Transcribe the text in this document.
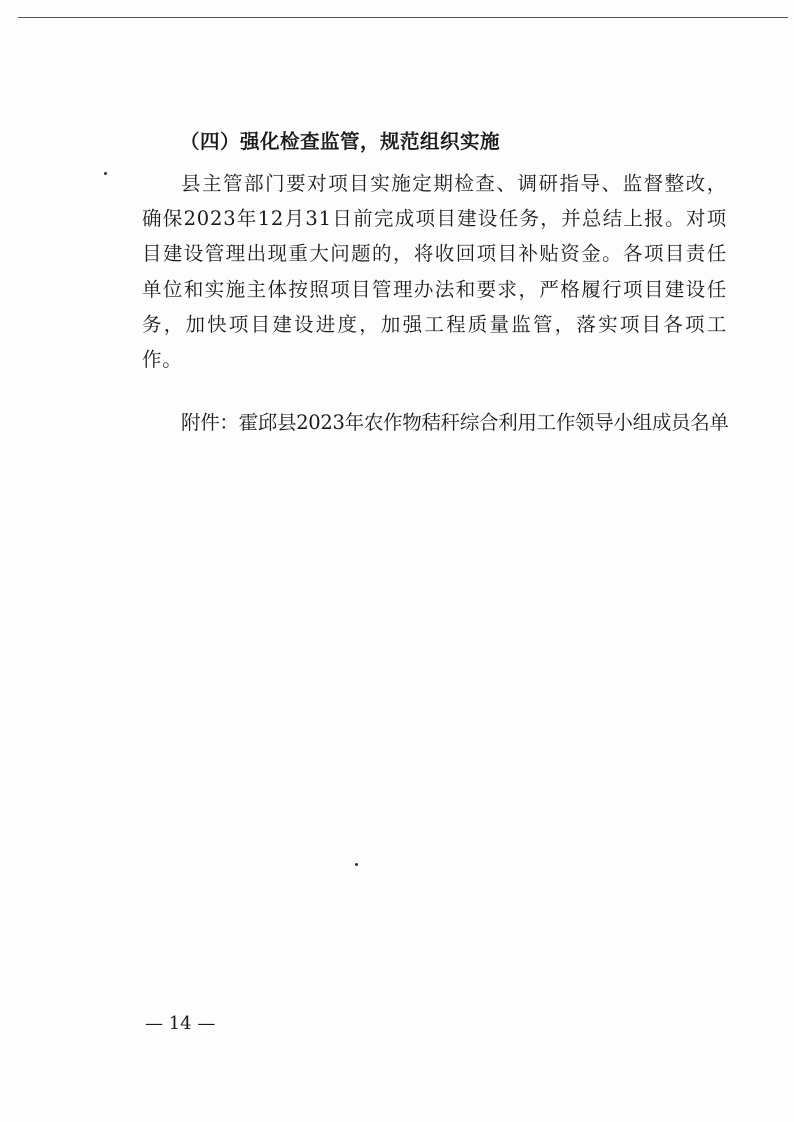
（四）强化检查监管，规范组织实施

县主管部门要对项目实施定期检查、调研指导、监督整改，确保2023年12月31日前完成项目建设任务，并总结上报。对项目建设管理出现重大问题的，将收回项目补贴资金。各项目责任单位和实施主体按照项目管理办法和要求，严格履行项目建设任务，加快项目建设进度，加强工程质量监管，落实项目各项工作。

附件：霍邱县2023年农作物秸秆综合利用工作领导小组成员名单
— 14 —
